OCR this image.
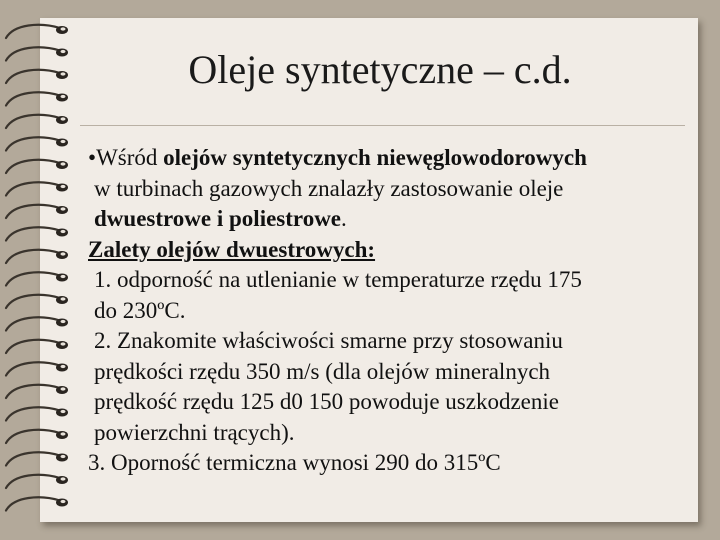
Oleje syntetyczne – c.d.
•Wśród olejów syntetycznych niewęglowodorowych
w turbinach gazowych znalazły zastosowanie oleje
dwuestrowe i poliestrowe.
Zalety olejów dwuestrowych:
1. odporność na utlenianie w temperaturze rzędu 175
do 230ºC.
2. Znakomite właściwości smarne przy stosowaniu
prędkości rzędu 350 m/s (dla olejów mineralnych
prędkość rzędu 125 d0 150 powoduje uszkodzenie
powierzchni trących).
3. Oporność termiczna wynosi 290 do 315ºC
